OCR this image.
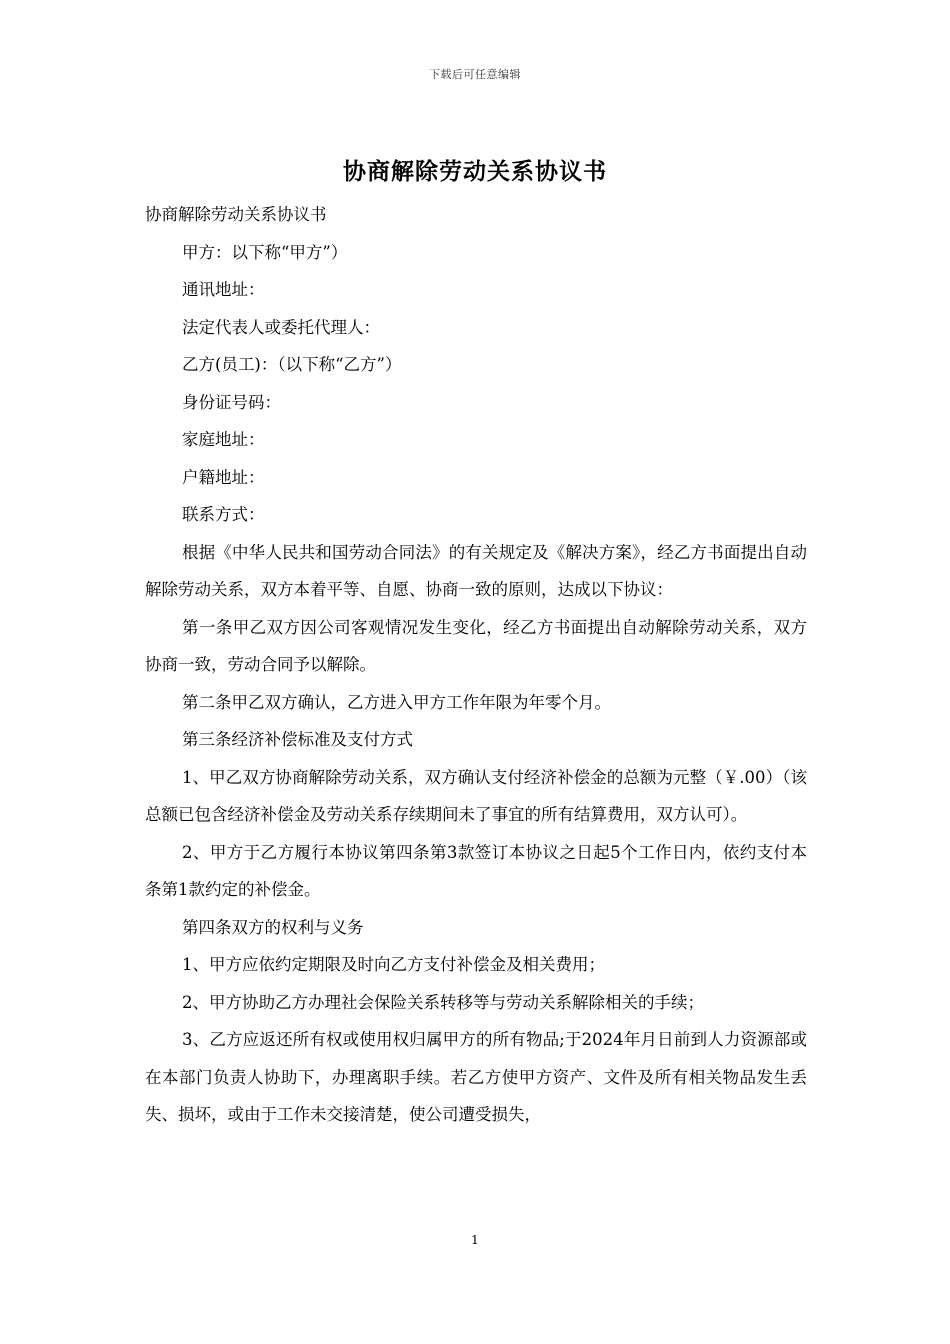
下载后可任意编辑
协商解除劳动关系协议书

协商解除劳动关系协议书

甲方：以下称“甲方”）

通讯地址：

法定代表人或委托代理人：

乙方(员工)：（以下称“乙方”）

身份证号码：

家庭地址：

户籍地址：

联系方式：

根据《中华人民共和国劳动合同法》的有关规定及《解决方案》，经乙方书面提出自动解除劳动关系，双方本着平等、自愿、协商一致的原则，达成以下协议：

第一条甲乙双方因公司客观情况发生变化，经乙方书面提出自动解除劳动关系，双方协商一致，劳动合同予以解除。

第二条甲乙双方确认，乙方进入甲方工作年限为年零个月。

第三条经济补偿标准及支付方式

1、甲乙双方协商解除劳动关系，双方确认支付经济补偿金的总额为元整（￥.00）（该总额已包含经济补偿金及劳动关系存续期间未了事宜的所有结算费用，双方认可）。

2、甲方于乙方履行本协议第四条第3款签订本协议之日起5个工作日内，依约支付本条第1款约定的补偿金。

第四条双方的权利与义务

1、甲方应依约定期限及时向乙方支付补偿金及相关费用；

2、甲方协助乙方办理社会保险关系转移等与劳动关系解除相关的手续；

3、乙方应返还所有权或使用权归属甲方的所有物品;于2024年月日前到人力资源部或在本部门负责人协助下，办理离职手续。若乙方使甲方资产、文件及所有相关物品发生丢失、损坏，或由于工作未交接清楚，使公司遭受损失，

1
